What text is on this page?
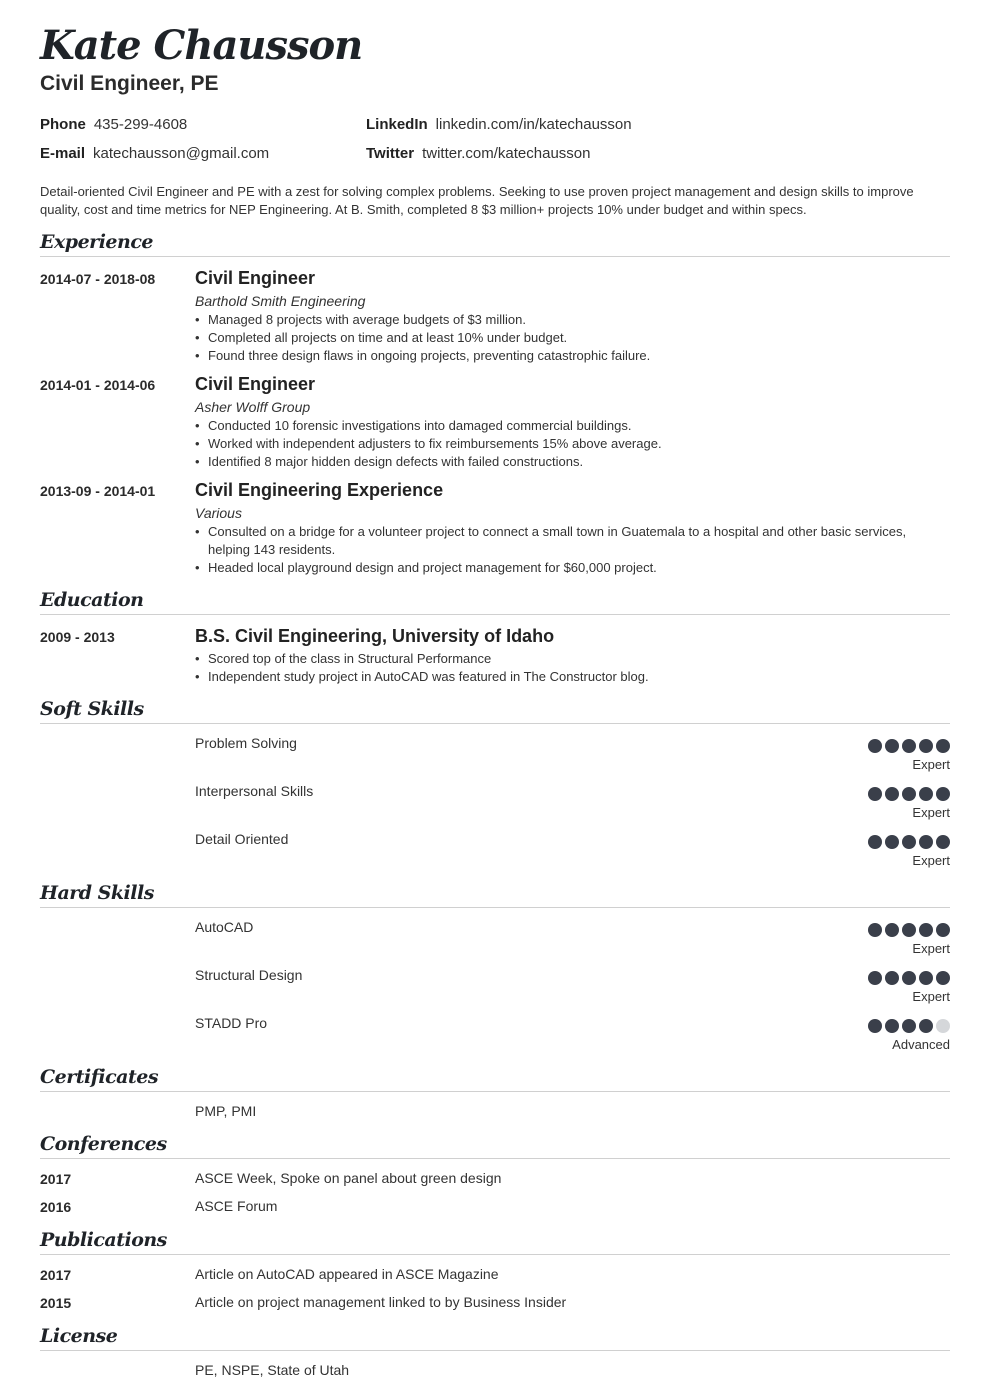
Kate Chausson
Civil Engineer, PE
Phone 435-299-4608
E-mail katechausson@gmail.com
LinkedIn linkedin.com/in/katechausson
Twitter twitter.com/katechausson
Detail-oriented Civil Engineer and PE with a zest for solving complex problems. Seeking to use proven project management and design skills to improve quality, cost and time metrics for NEP Engineering. At B. Smith, completed 8 $3 million+ projects 10% under budget and within specs.
Experience
2014-07 - 2018-08 Civil Engineer
Barthold Smith Engineering
• Managed 8 projects with average budgets of $3 million.
• Completed all projects on time and at least 10% under budget.
• Found three design flaws in ongoing projects, preventing catastrophic failure.
2014-01 - 2014-06 Civil Engineer
Asher Wolff Group
• Conducted 10 forensic investigations into damaged commercial buildings.
• Worked with independent adjusters to fix reimbursements 15% above average.
• Identified 8 major hidden design defects with failed constructions.
2013-09 - 2014-01 Civil Engineering Experience
Various
• Consulted on a bridge for a volunteer project to connect a small town in Guatemala to a hospital and other basic services, helping 143 residents.
• Headed local playground design and project management for $60,000 project.
Education
2009 - 2013	B.S. Civil Engineering, University of Idaho
• Scored top of the class in Structural Performance
• Independent study project in AutoCAD was featured in The Constructor blog.
Soft Skills
Problem Solving
Expert
Interpersonal Skills
Expert
Detail Oriented
Expert
Hard Skills
AutoCAD
Expert
Structural Design
Expert
STADD Pro
Advanced
Certificates
PMP, PMI
Conferences
2017	ASCE Week, Spoke on panel about green design
2016	ASCE Forum
Publications
2017	Article on AutoCAD appeared in ASCE Magazine
2015	Article on project management linked to by Business Insider
License
PE, NSPE, State of Utah
